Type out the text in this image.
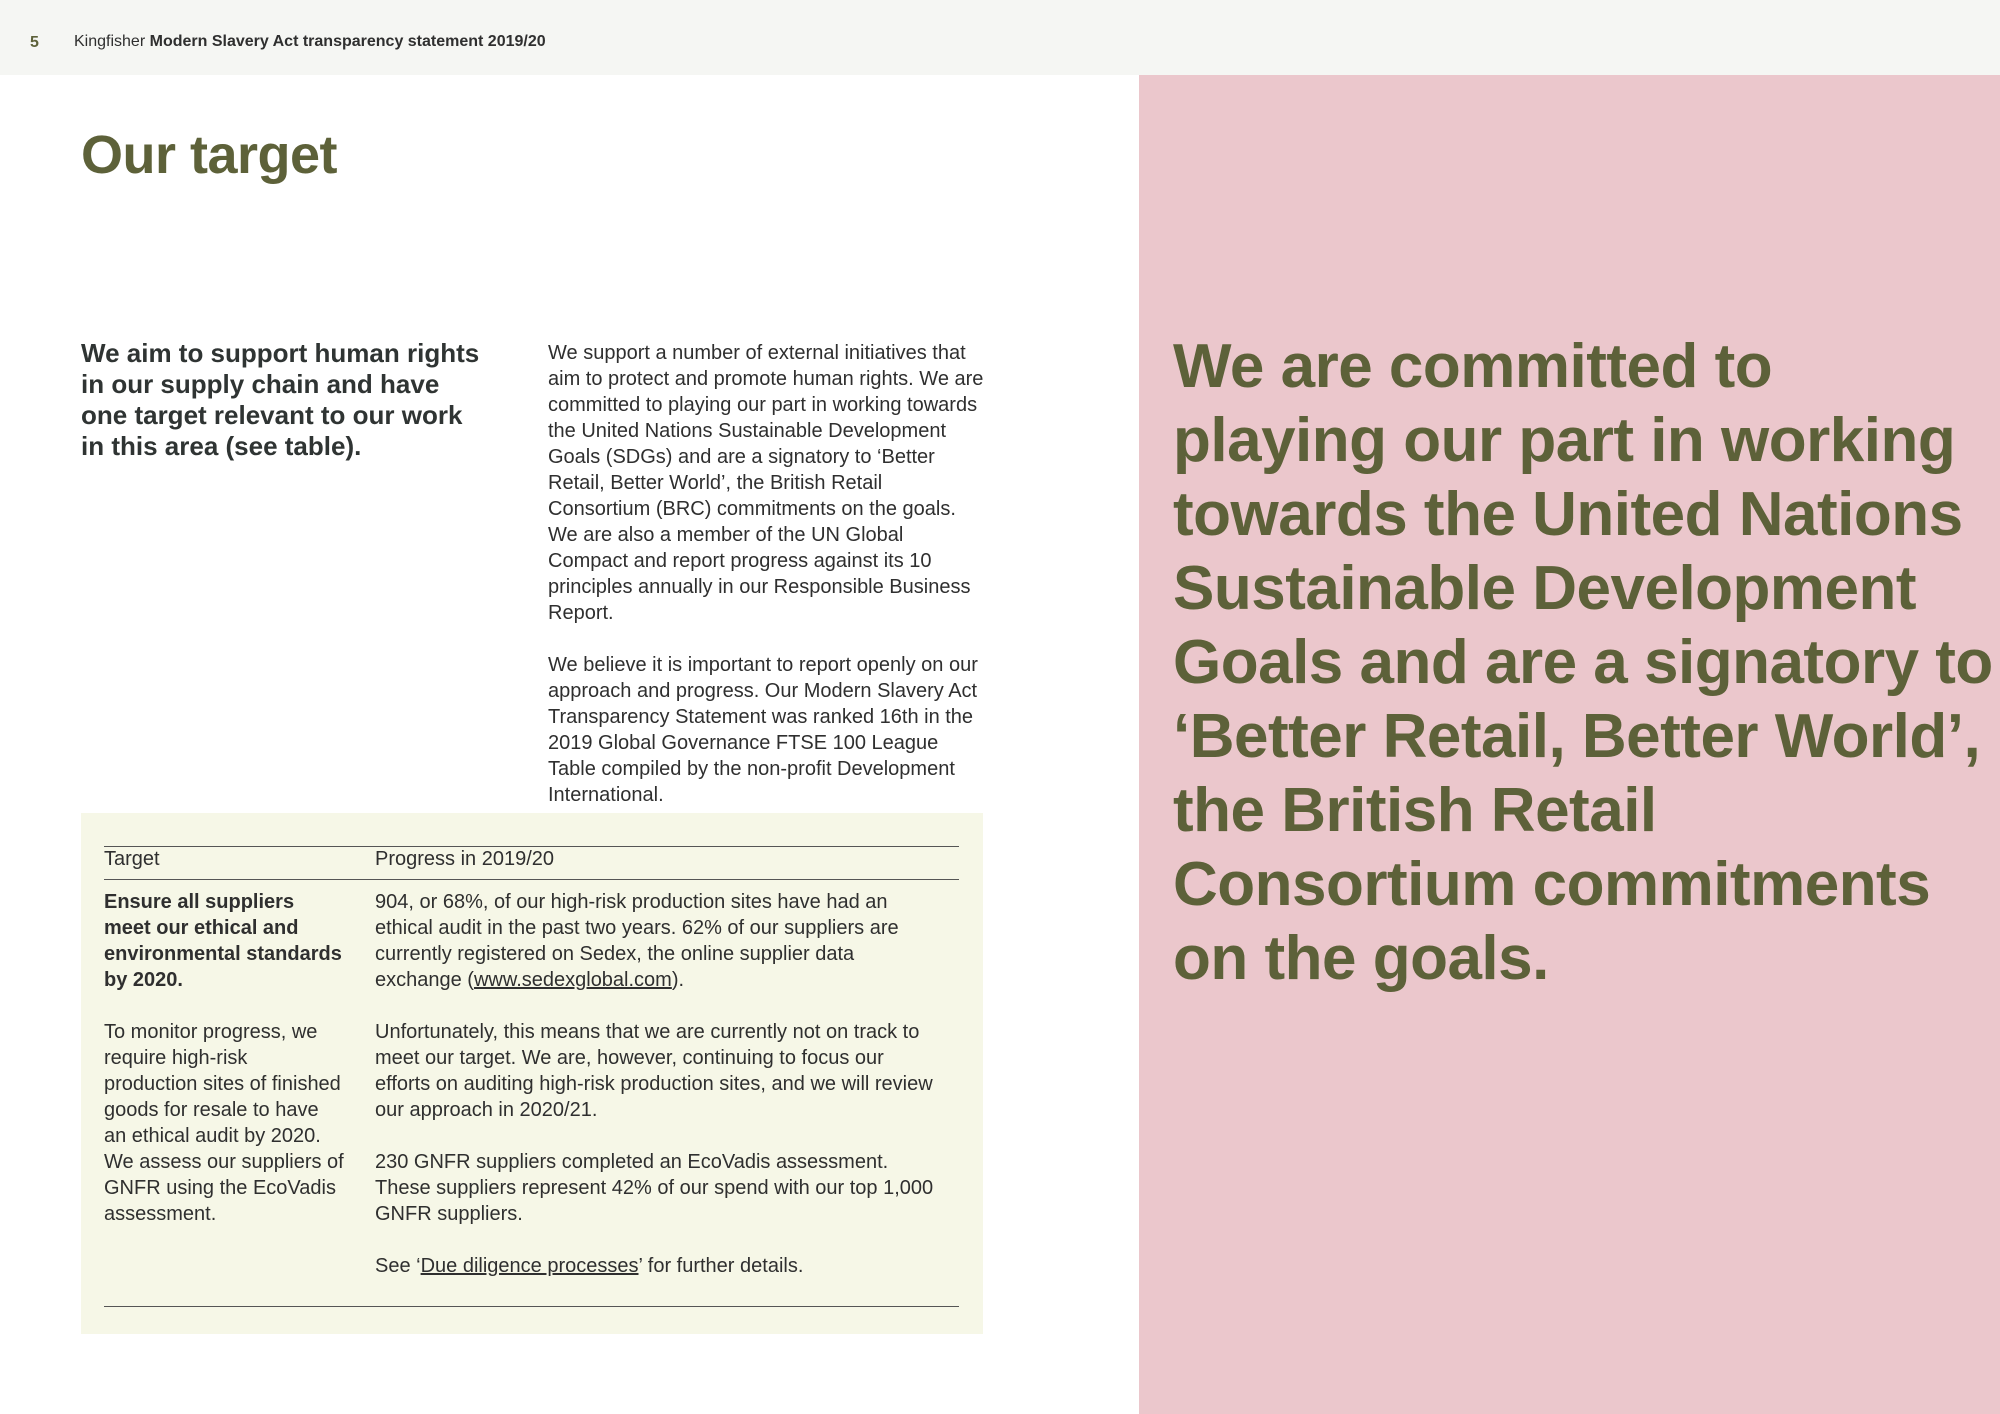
5 Kingfisher Modern Slavery Act transparency statement 2019/20
Our target

We aim to support human rights in our supply chain and have one target relevant to our work in this area (see table).

We support a number of external initiatives that aim to protect and promote human rights. We are committed to playing our part in working towards the United Nations Sustainable Development Goals (SDGs) and are a signatory to ‘Better Retail, Better World’, the British Retail Consortium (BRC) commitments on the goals. We are also a member of the UN Global Compact and report progress against its 10 principles annually in our Responsible Business Report.

We believe it is important to report openly on our approach and progress. Our Modern Slavery Act Transparency Statement was ranked 16th in the 2019 Global Governance FTSE 100 League Table compiled by the non-profit Development International.

Target	Progress in 2019/20

Ensure all suppliers meet our ethical and environmental standards by 2020.

To monitor progress, we require high-risk production sites of finished goods for resale to have an ethical audit by 2020. We assess our suppliers of GNFR using the EcoVadis assessment.

904, or 68%, of our high-risk production sites have had an ethical audit in the past two years. 62% of our suppliers are currently registered on Sedex, the online supplier data exchange (www.sedexglobal.com).

Unfortunately, this means that we are currently not on track to meet our target. We are, however, continuing to focus our efforts on auditing high-risk production sites, and we will review our approach in 2020/21.

230 GNFR suppliers completed an EcoVadis assessment. These suppliers represent 42% of our spend with our top 1,000 GNFR suppliers.

See ‘Due diligence processes’ for further details.

We are committed to playing our part in working towards the United Nations Sustainable Development Goals and are a signatory to ‘Better Retail, Better World’, the British Retail Consortium commitments on the goals.
